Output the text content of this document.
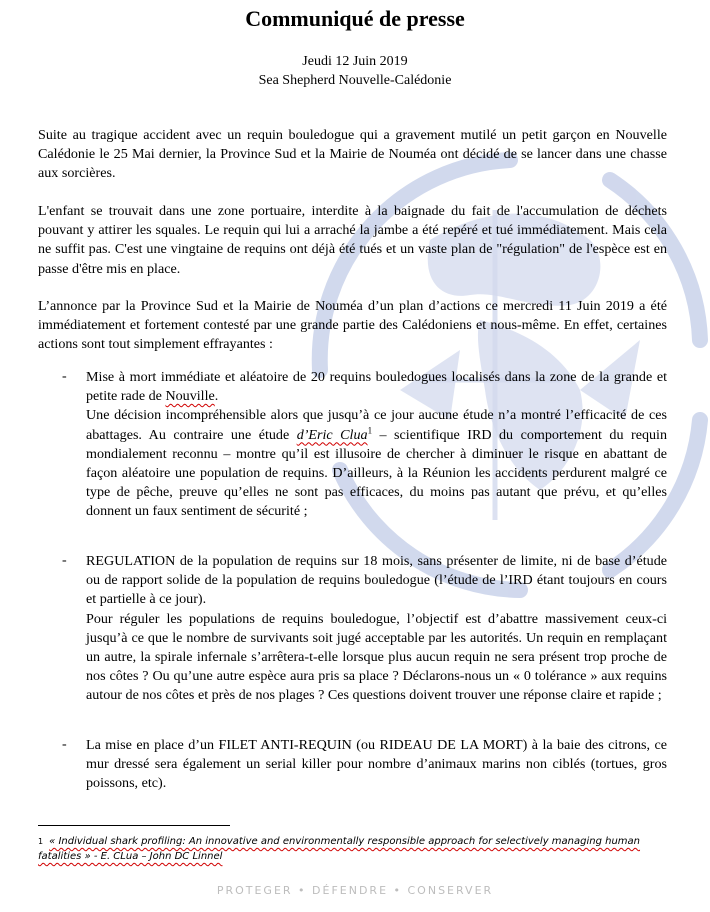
Communiqué de presse
Jeudi 12 Juin 2019
Sea Shepherd Nouvelle-Calédonie

Suite au tragique accident avec un requin bouledogue qui a gravement mutilé un petit garçon en Nouvelle Calédonie le 25 Mai dernier, la Province Sud et la Mairie de Nouméa ont décidé de se lancer dans une chasse aux sorcières.

L'enfant se trouvait dans une zone portuaire, interdite à la baignade du fait de l'accumulation de déchets pouvant y attirer les squales. Le requin qui lui a arraché la jambe a été repéré et tué immédiatement. Mais cela ne suffit pas. C'est une vingtaine de requins ont déjà été tués et un vaste plan de "régulation" de l'espèce est en passe d'être mis en place.

L’annonce par la Province Sud et la Mairie de Nouméa d’un plan d’actions ce mercredi 11 Juin 2019 a été immédiatement et fortement contesté par une grande partie des Calédoniens et nous-même. En effet, certaines actions sont tout simplement effrayantes :

- Mise à mort immédiate et aléatoire de 20 requins bouledogues localisés dans la zone de la grande et petite rade de Nouville.

Une décision incompréhensible alors que jusqu’à ce jour aucune étude n’a montré l’efficacité de ces abattages. Au contraire une étude d’Eric Clua$^1$ – scientifique IRD du comportement du requin mondialement reconnu – montre qu’il est illusoire de chercher à diminuer le risque en abattant de façon aléatoire une population de requins. D’ailleurs, à la Réunion les accidents perdurent malgré ce type de pêche, preuve qu’elles ne sont pas efficaces, du moins pas autant que prévu, et qu’elles donnent un faux sentiment de sécurité ;

- REGULATION de la population de requins sur 18 mois, sans présenter de limite, ni de base d’étude ou de rapport solide de la population de requins bouledogue (l’étude de l’IRD étant toujours en cours et partielle à ce jour).

Pour réguler les populations de requins bouledogue, l’objectif est d’abattre massivement ceux-ci jusqu’à ce que le nombre de survivants soit jugé acceptable par les autorités. Un requin en remplaçant un autre, la spirale infernale s’arrêtera-t-elle lorsque plus aucun requin ne sera présent trop proche de nos côtes ? Ou qu’une autre espèce aura pris sa place ? Déclarons-nous un « 0 tolérance » aux requins autour de nos côtes et près de nos plages ? Ces questions doivent trouver une réponse claire et rapide ;

- La mise en place d’un FILET ANTI-REQUIN (ou RIDEAU DE LA MORT) à la baie des citrons, ce mur dressé sera également un serial killer pour nombre d’animaux marins non ciblés (tortues, gros poissons, etc).

$^1$ « Individual shark profiling: An innovative and environmentally responsible approach for selectively managing human fatalities » - E. CLua – John DC Linnel
PROTEGER • DÉFENDRE • CONSERVER
